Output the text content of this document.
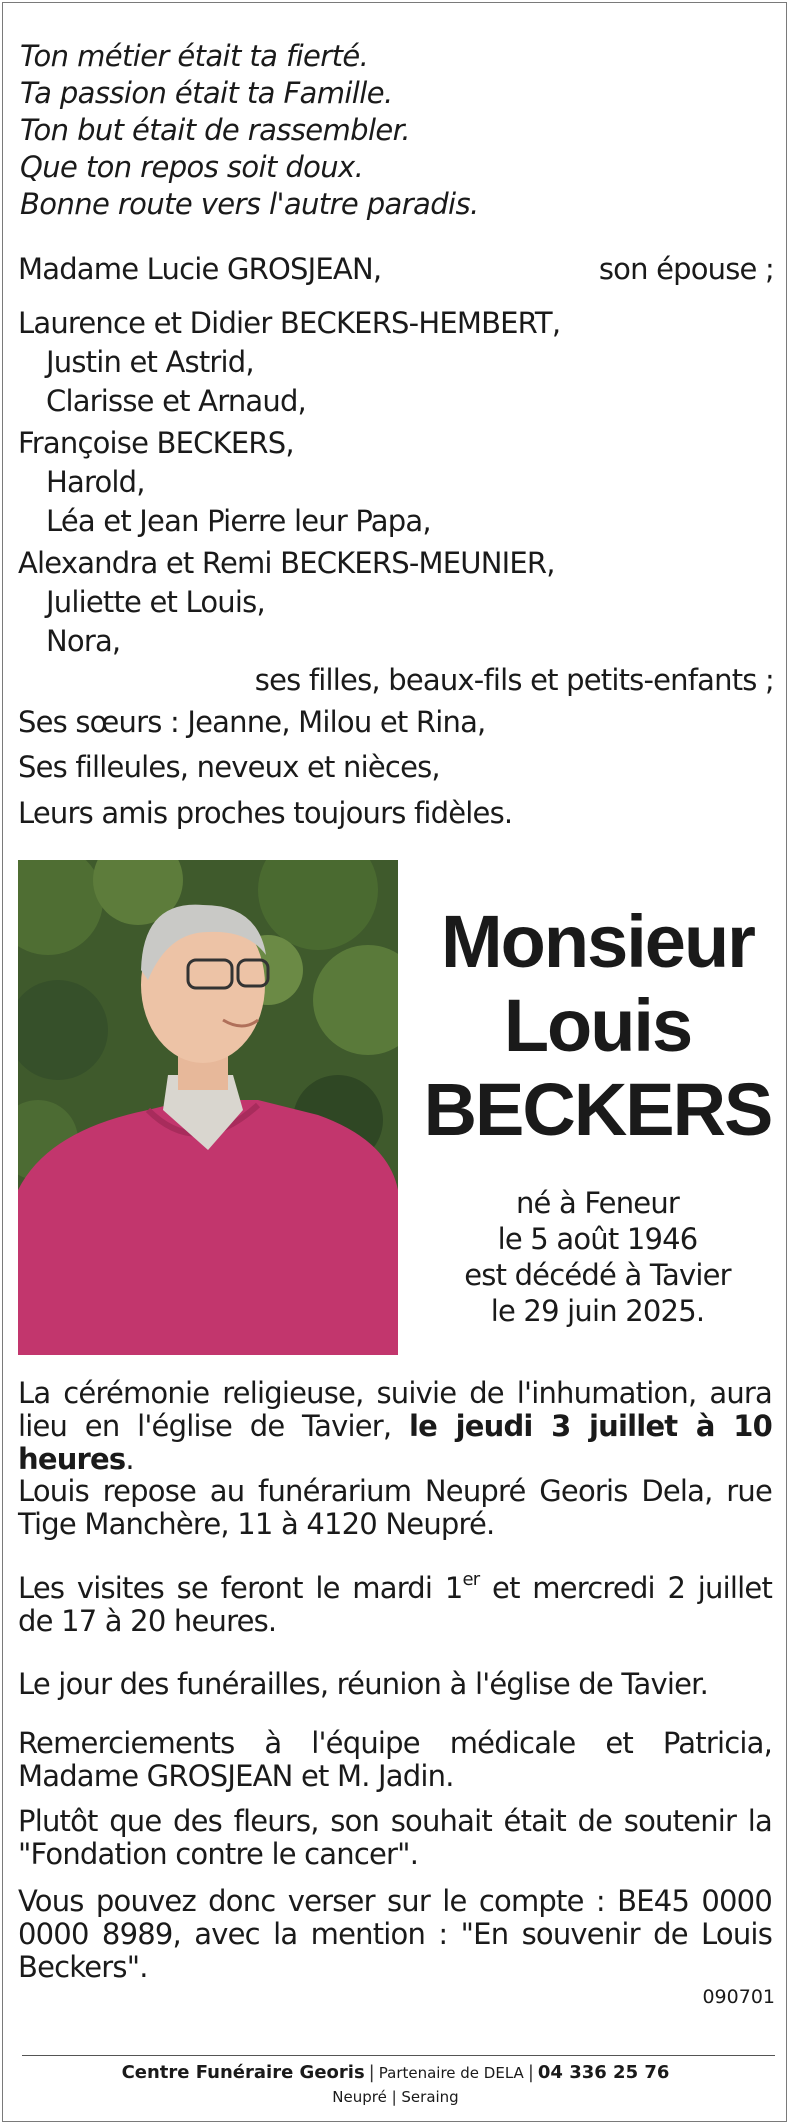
Ton métier était ta fierté.
Ta passion était ta Famille.
Ton but était de rassembler.
Que ton repos soit doux.
Bonne route vers l'autre paradis.
Madame Lucie GROSJEAN,	son épouse ;
Laurence et Didier BECKERS-HEMBERT,
Justin et Astrid,
Clarisse et Arnaud,
Françoise BECKERS,
Harold,
Léa et Jean Pierre leur Papa,
Alexandra et Remi BECKERS-MEUNIER,
Juliette et Louis,
Nora,
ses filles, beaux-fils et petits-enfants ;
Ses sœurs : Jeanne, Milou et Rina,
Ses filleules, neveux et nièces,
Leurs amis proches toujours fidèles.
Monsieur
Louis
BECKERS
né à Feneur
le 5 août 1946
est décédé à Tavier
le 29 juin 2025.
La cérémonie religieuse, suivie de l'inhumation, aura lieu en l'église de Tavier, le jeudi 3 juillet à 10 heures.
Louis repose au funérarium Neupré Georis Dela, rue Tige Manchère, 11 à 4120 Neupré.
Les visites se feront le mardi 1er et mercredi 2 juillet de 17 à 20 heures.
Le jour des funérailles, réunion à l'église de Tavier.
Remerciements à l'équipe médicale et Patricia, Madame GROSJEAN et M. Jadin.
Plutôt que des fleurs, son souhait était de soutenir la "Fondation contre le cancer".
Vous pouvez donc verser sur le compte : BE45 0000 0000 8989, avec la mention : "En souvenir de Louis Beckers".
090701
Centre Funéraire Georis | Partenaire de DELA | 04 336 25 76
Neupré | Seraing
